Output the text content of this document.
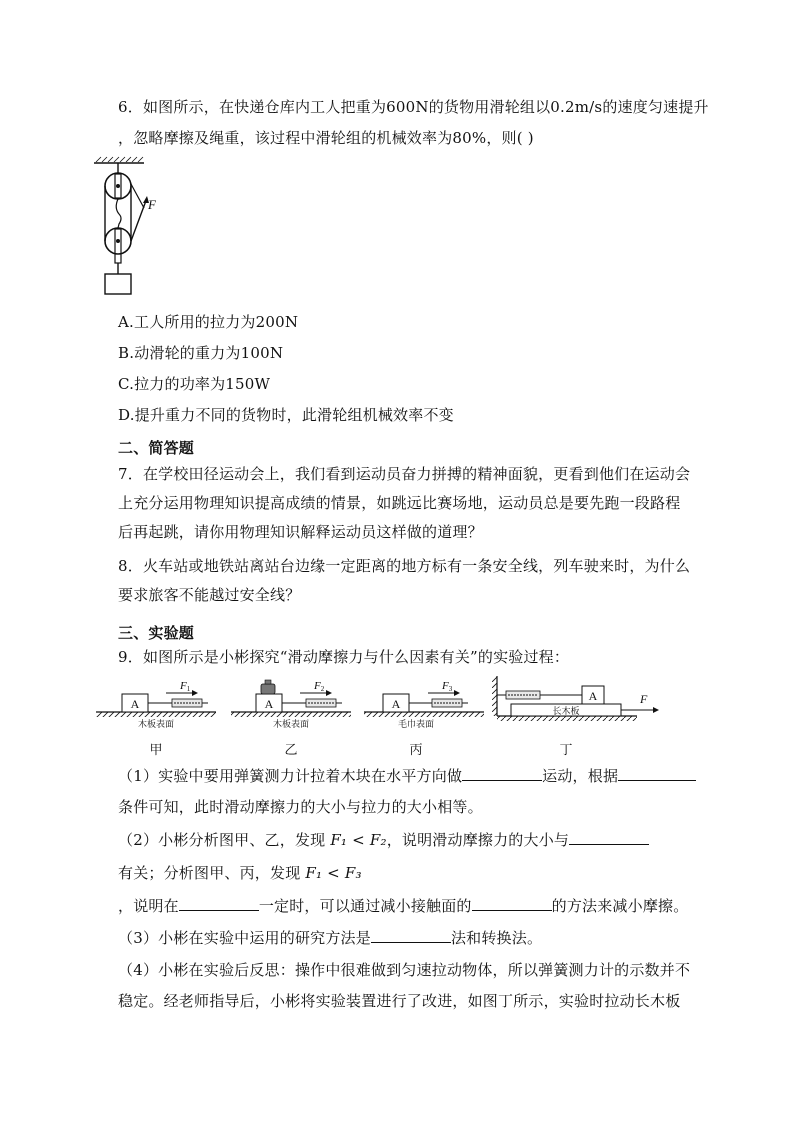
6．如图所示，在快递仓库内工人把重为600N的货物用滑轮组以0.2m/s的速度匀速提升
，忽略摩擦及绳重，该过程中滑轮组的机械效率为80%，则( )
F
A.工人所用的拉力为200N
B.动滑轮的重力为100N
C.拉力的功率为150W
D.提升重力不同的货物时，此滑轮组机械效率不变
二、简答题
7．在学校田径运动会上，我们看到运动员奋力拼搏的精神面貌，更看到他们在运动会
上充分运用物理知识提高成绩的情景，如跳远比赛场地，运动员总是要先跑一段路程
后再起跳，请你用物理知识解释运动员这样做的道理？
8．火车站或地铁站离站台边缘一定距离的地方标有一条安全线，列车驶来时，为什么
要求旅客不能越过安全线？
三、实验题
9．如图所示是小彬探究“滑动摩擦力与什么因素有关”的实验过程：
A
F1
木板表面
A
F2
木板表面
A
F3
毛巾表面
长木板
A	F
甲	乙	丙	丁
（1）实验中要用弹簧测力计拉着木块在水平方向做	运动，根据
条件可知，此时滑动摩擦力的大小与拉力的大小相等。
（2）小彬分析图甲、乙，发现 F₁ < F₂，说明滑动摩擦力的大小与
有关；分析图甲、丙，发现 F₁ < F₃
，说明在	一定时，可以通过减小接触面的	的方法来减小摩擦。
（3）小彬在实验中运用的研究方法是	法和转换法。
（4）小彬在实验后反思：操作中很难做到匀速拉动物体，所以弹簧测力计的示数并不
稳定。经老师指导后，小彬将实验装置进行了改进，如图丁所示，实验时拉动长木板
